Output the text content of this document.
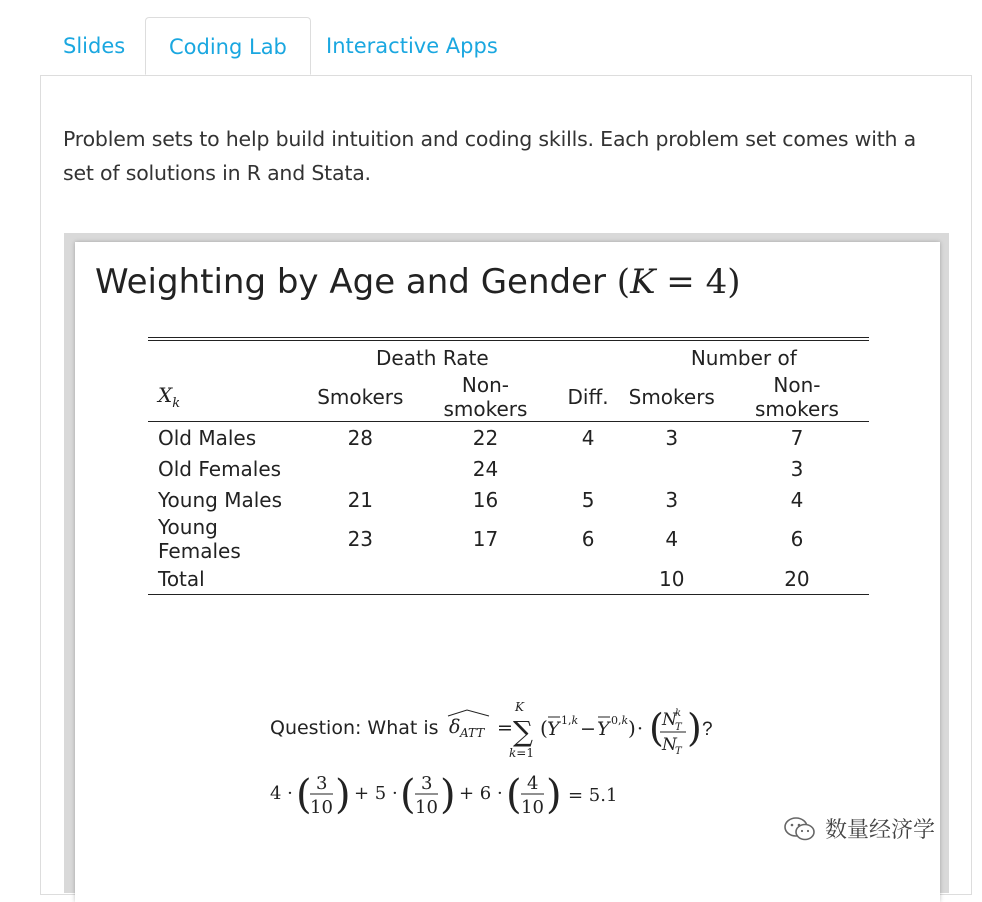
Slides	Coding Lab	Interactive Apps
Problem sets to help build intuition and coding skills. Each problem set comes with a set of solutions in R and Stata.
Weighting by Age and Gender (K = 4)
	Death Rate			Number of	
$X_k$	Smokers	Non-smokers	Diff.	Smokers	Non-smokers
Old Males	28	22	4	3	7
Old Females		24			3
Young Males	21	16	5	3	4
Young Females	23	17	6	4	6
Total				10	20
Question: What is δ ATT =
K
∑
k=1
( Y 1,k − Y 0,k ) · (
N
k
T
N
T
) ?
4 · ( 3
10 ) + 5 · ( 3
10 ) + 6 · ( 4
10 ) = 5.1
数量经济学
